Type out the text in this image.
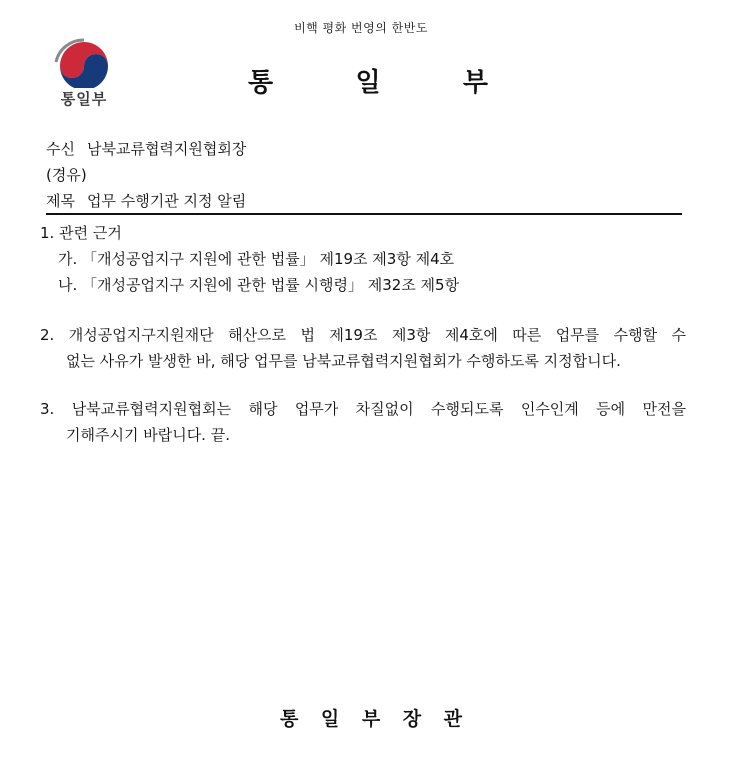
비핵 평화 번영의 한반도
통일부
통	일	부
수신 남북교류협력지원협회장
(경유)
제목 업무 수행기관 지정 알림
1. 관련 근거
가. 「개성공업지구 지원에 관한 법률」 제19조 제3항 제4호
나. 「개성공업지구 지원에 관한 법률 시행령」 제32조 제5항
2. 개성공업지구지원재단 해산으로 법 제19조 제3항 제4호에 따른 업무를 수행할 수
없는 사유가 발생한 바, 해당 업무를 남북교류협력지원협회가 수행하도록 지정합니다.
3. 남북교류협력지원협회는 해당 업무가 차질없이 수행되도록 인수인계 등에 만전을
기해주시기 바랍니다. 끝.
통 일 부 장 관
